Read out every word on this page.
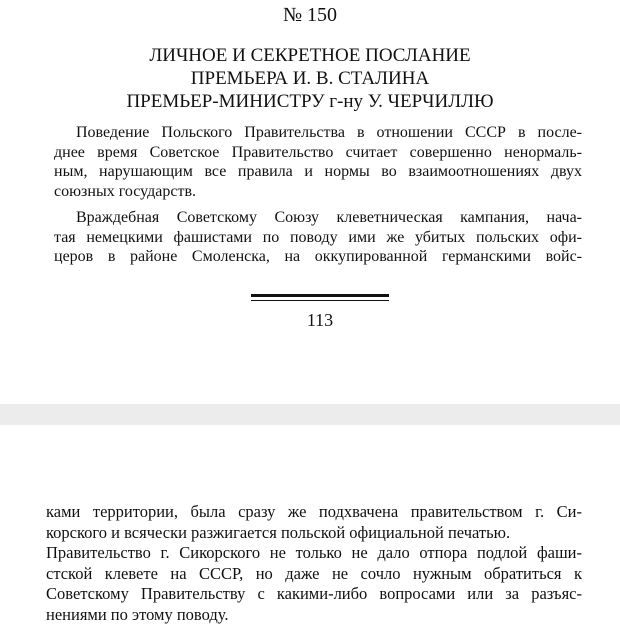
№ 150
ЛИЧНОЕ И СЕКРЕТНОЕ ПОСЛАНИЕ
ПРЕМЬЕРА И. В. СТАЛИНА
ПРЕМЬЕР-МИНИСТРУ г-ну У. ЧЕРЧИЛЛЮ
Поведение Польского Правительства в отношении СССР в после-
днее время Советское Правительство считает совершенно ненормаль-
ным, нарушающим все правила и нормы во взаимоотношениях двух
союзных государств.
Враждебная Советскому Союзу клеветническая кампания, нача-
тая немецкими фашистами по поводу ими же убитых польских офи-
церов в районе Смоленска, на оккупированной германскими войс-
113
ками территории, была сразу же подхвачена правительством г. Си-
корского и всячески разжигается польской официальной печатью.
Правительство г. Сикорского не только не дало отпора подлой фаши-
стской клевете на СССР, но даже не сочло нужным обратиться к
Советскому Правительству с какими-либо вопросами или за разъяс-
нениями по этому поводу.
